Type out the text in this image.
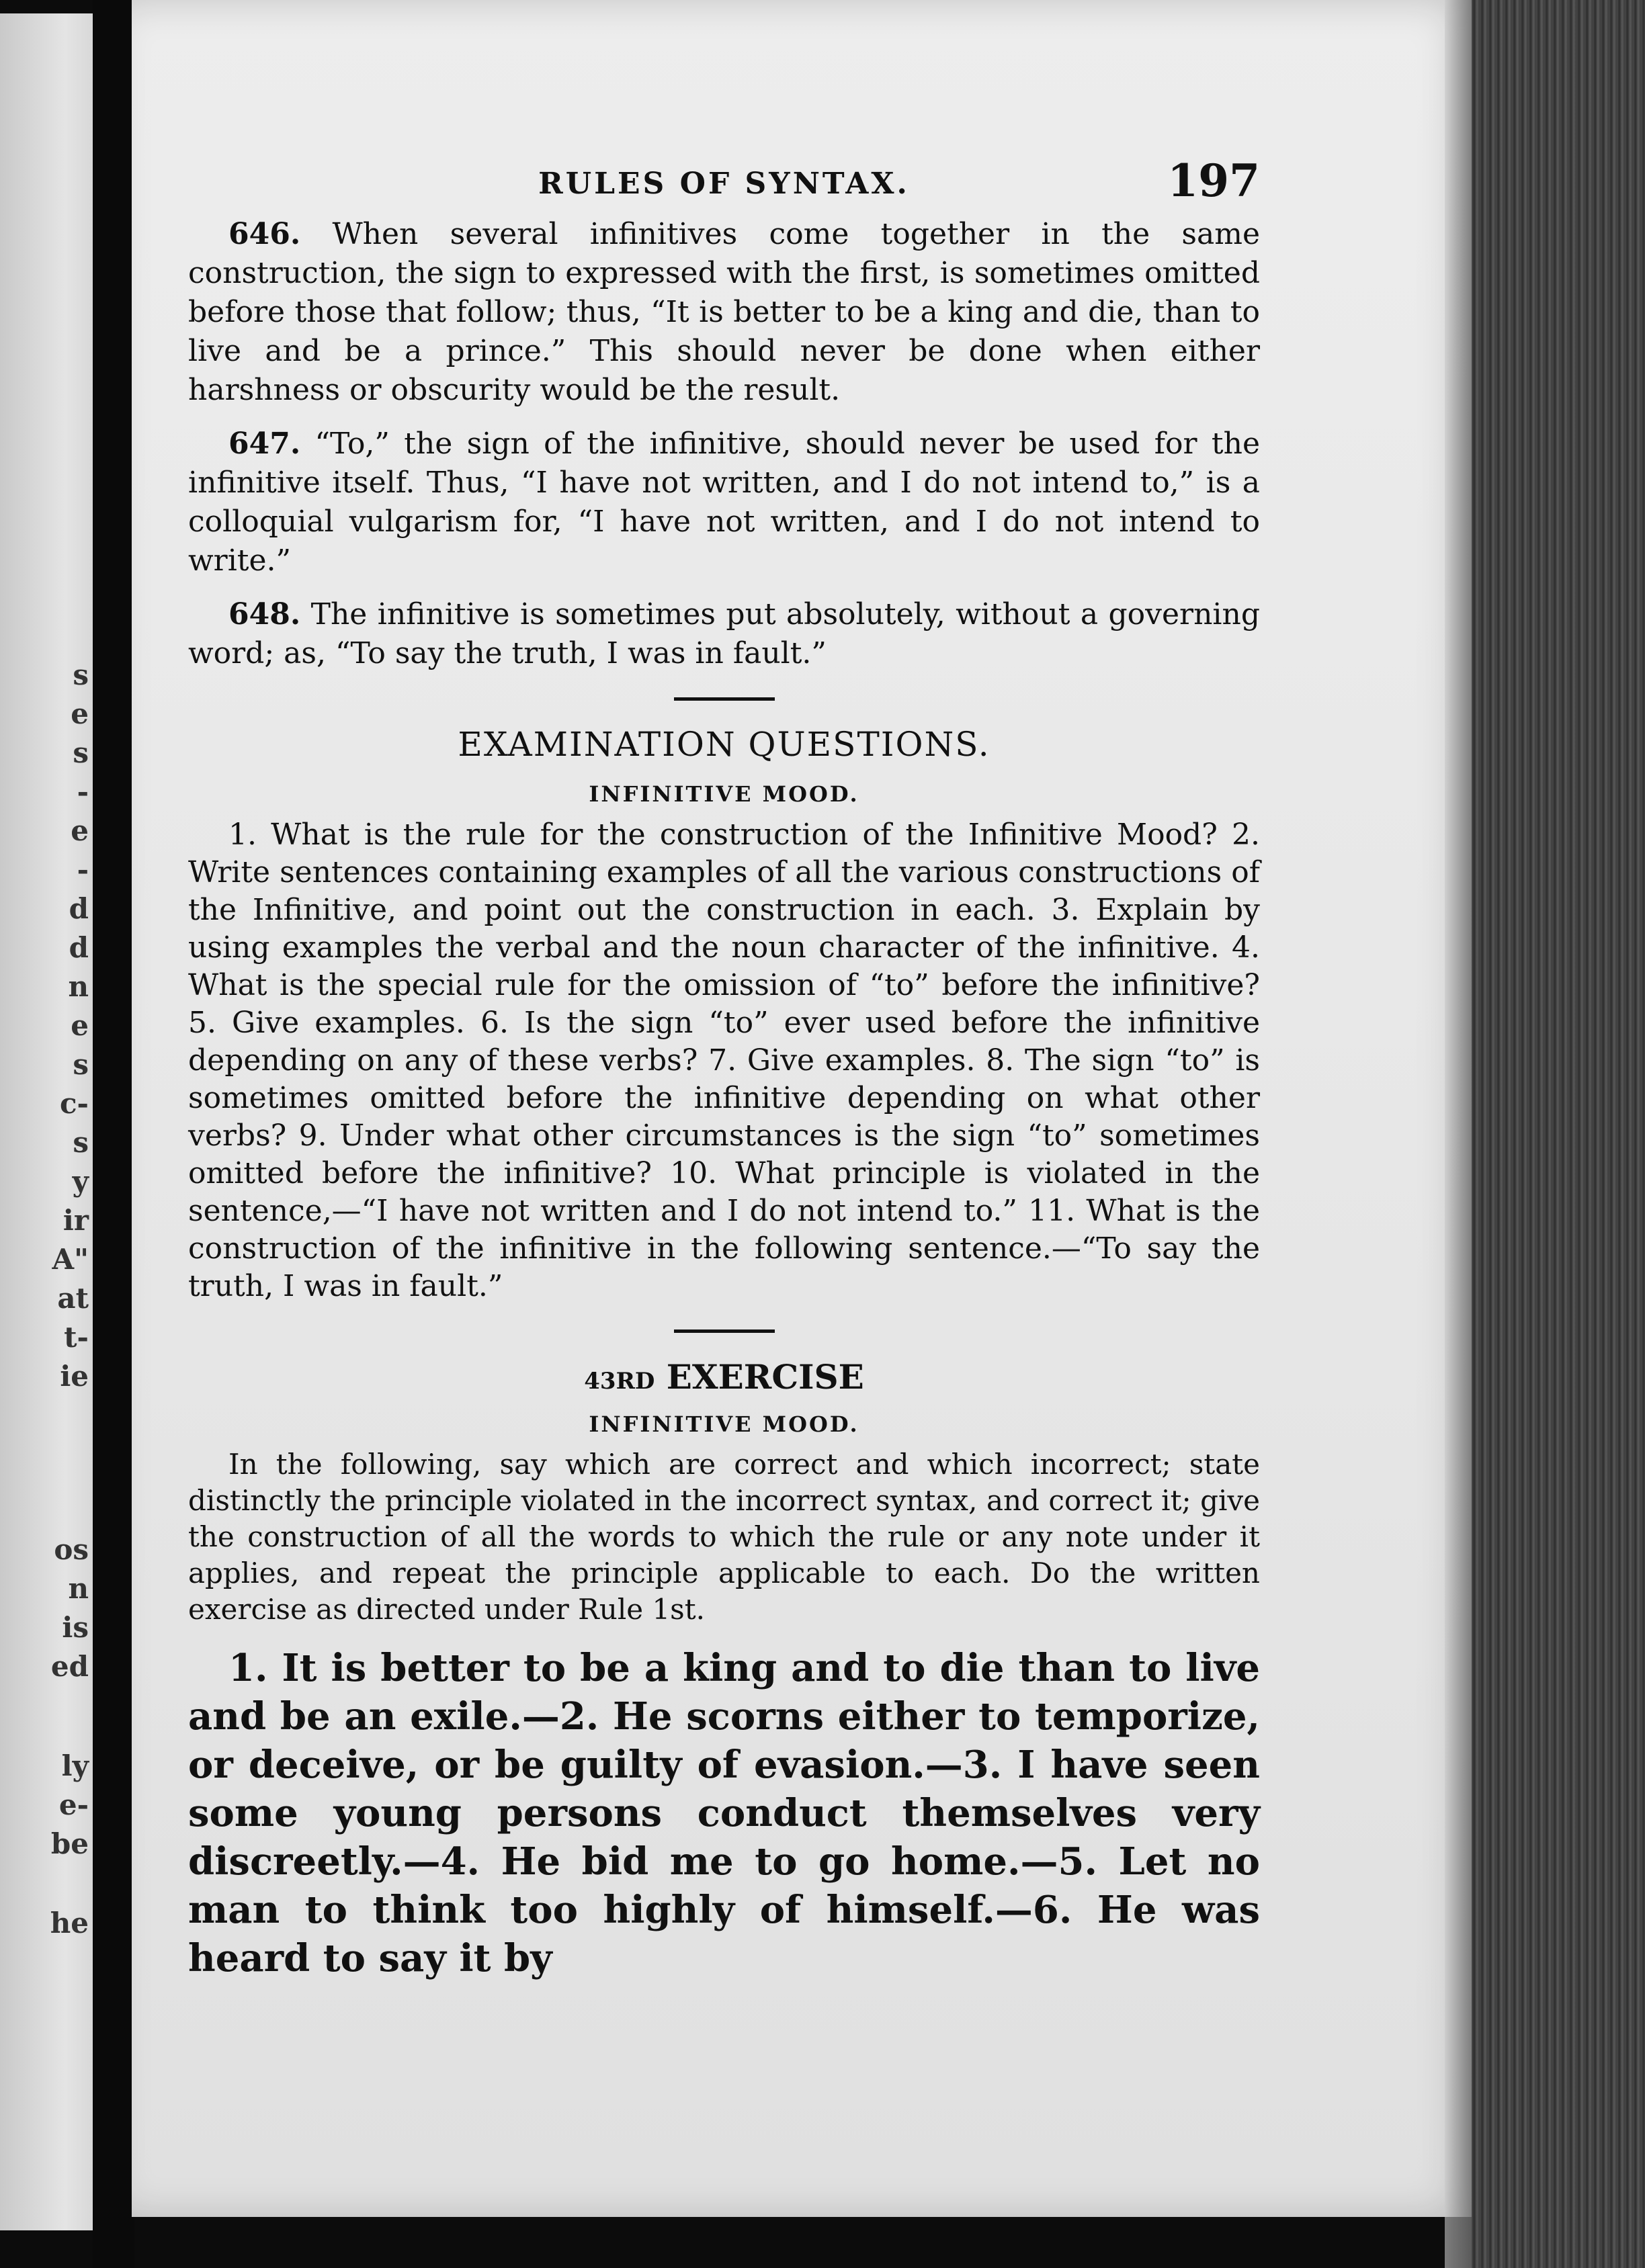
s
e
s
-
e
-
d
d
n
e
s
c-
s
y
ir
A"
at
t-
ie
os
n
is
ed
ly
e-
be
he
RULES OF SYNTAX.	197

646. When several infinitives come together in the same construction, the sign to expressed with the first, is sometimes omitted before those that follow; thus, “It is better to be a king and die, than to live and be a prince.” This should never be done when either harshness or obscurity would be the result.

647. “To,” the sign of the infinitive, should never be used for the infinitive itself. Thus, “I have not written, and I do not intend to,” is a colloquial vulgarism for, “I have not written, and I do not intend to write.”

648. The infinitive is sometimes put absolutely, without a governing word; as, “To say the truth, I was in fault.”

EXAMINATION QUESTIONS.
INFINITIVE MOOD.

1. What is the rule for the construction of the Infinitive Mood? 2. Write sentences containing examples of all the various constructions of the Infinitive, and point out the construction in each. 3. Explain by using examples the verbal and the noun character of the infinitive. 4. What is the special rule for the omission of “to” before the infinitive? 5. Give examples. 6. Is the sign “to” ever used before the infinitive depending on any of these verbs? 7. Give examples. 8. The sign “to” is sometimes omitted before the infinitive depending on what other verbs? 9. Under what other circumstances is the sign “to” sometimes omitted before the infinitive? 10. What principle is violated in the sentence,—“I have not written and I do not intend to.” 11. What is the construction of the infinitive in the following sentence.—“To say the truth, I was in fault.”

43RD EXERCISE
INFINITIVE MOOD.

In the following, say which are correct and which incorrect; state distinctly the principle violated in the incorrect syntax, and correct it; give the construction of all the words to which the rule or any note under it applies, and repeat the principle applicable to each. Do the written exercise as directed under Rule 1st.

1. It is better to be a king and to die than to live and be an exile.—2. He scorns either to temporize, or deceive, or be guilty of evasion.—3. I have seen some young persons conduct themselves very discreetly.—4. He bid me to go home.—5. Let no man to think too highly of himself.—6. He was heard to say it by
